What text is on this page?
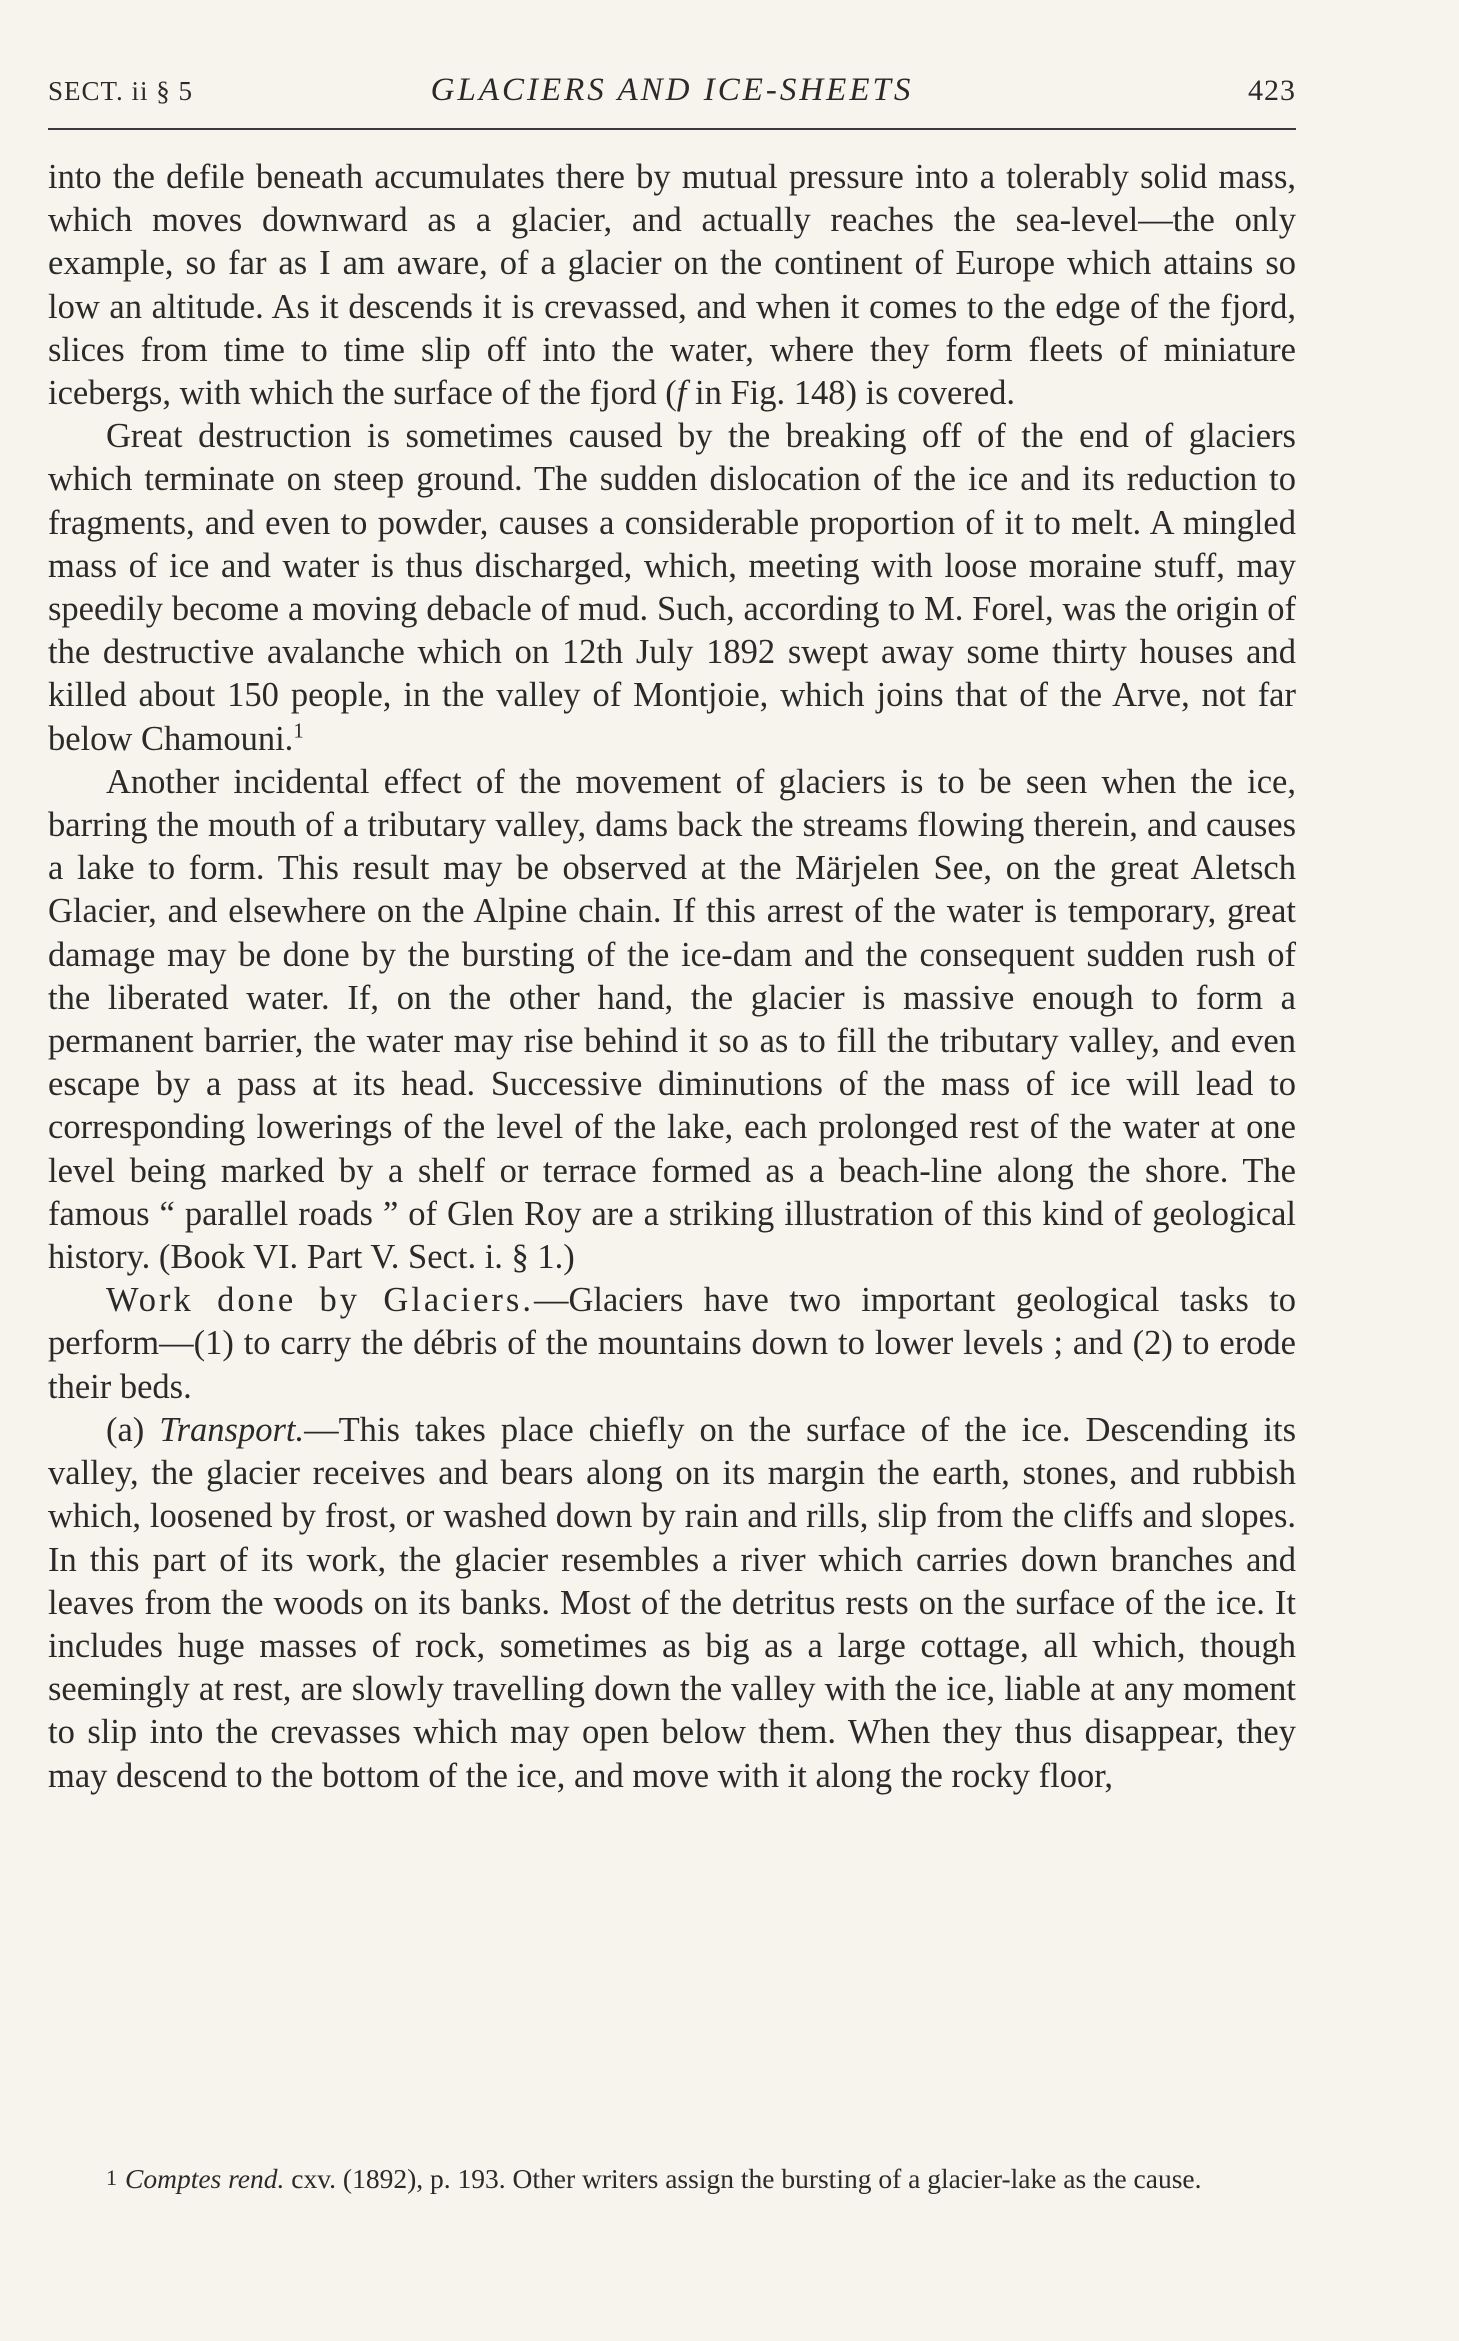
SECT. ii § 5	GLACIERS AND ICE-SHEETS	423

into the defile beneath accumulates there by mutual pressure into a tolerably solid mass, which moves downward as a glacier, and actually reaches the sea-level—the only example, so far as I am aware, of a glacier on the continent of Europe which attains so low an altitude. As it descends it is crevassed, and when it comes to the edge of the fjord, slices from time to time slip off into the water, where they form fleets of miniature icebergs, with which the surface of the fjord (f in Fig. 148) is covered.

Great destruction is sometimes caused by the breaking off of the end of glaciers which terminate on steep ground. The sudden dislocation of the ice and its reduction to fragments, and even to powder, causes a considerable proportion of it to melt. A mingled mass of ice and water is thus discharged, which, meeting with loose moraine stuff, may speedily become a moving debacle of mud. Such, according to M. Forel, was the origin of the destructive avalanche which on 12th July 1892 swept away some thirty houses and killed about 150 people, in the valley of Montjoie, which joins that of the Arve, not far below Chamouni.$^1$

Another incidental effect of the movement of glaciers is to be seen when the ice, barring the mouth of a tributary valley, dams back the streams flowing therein, and causes a lake to form. This result may be observed at the Märjelen See, on the great Aletsch Glacier, and elsewhere on the Alpine chain. If this arrest of the water is temporary, great damage may be done by the bursting of the ice-dam and the consequent sudden rush of the liberated water. If, on the other hand, the glacier is massive enough to form a permanent barrier, the water may rise behind it so as to fill the tributary valley, and even escape by a pass at its head. Successive diminutions of the mass of ice will lead to corresponding lowerings of the level of the lake, each prolonged rest of the water at one level being marked by a shelf or terrace formed as a beach-line along the shore. The famous “ parallel roads ” of Glen Roy are a striking illustration of this kind of geological history. (Book VI. Part V. Sect. i. § 1.)

Work done by Glaciers.—Glaciers have two important geological tasks to perform—(1) to carry the débris of the mountains down to lower levels ; and (2) to erode their beds.

(a) Transport.—This takes place chiefly on the surface of the ice. Descending its valley, the glacier receives and bears along on its margin the earth, stones, and rubbish which, loosened by frost, or washed down by rain and rills, slip from the cliffs and slopes. In this part of its work, the glacier resembles a river which carries down branches and leaves from the woods on its banks. Most of the detritus rests on the surface of the ice. It includes huge masses of rock, sometimes as big as a large cottage, all which, though seemingly at rest, are slowly travelling down the valley with the ice, liable at any moment to slip into the crevasses which may open below them. When they thus disappear, they may descend to the bottom of the ice, and move with it along the rocky floor,

1 Comptes rend. cxv. (1892), p. 193. Other writers assign the bursting of a glacier-lake as the cause.
